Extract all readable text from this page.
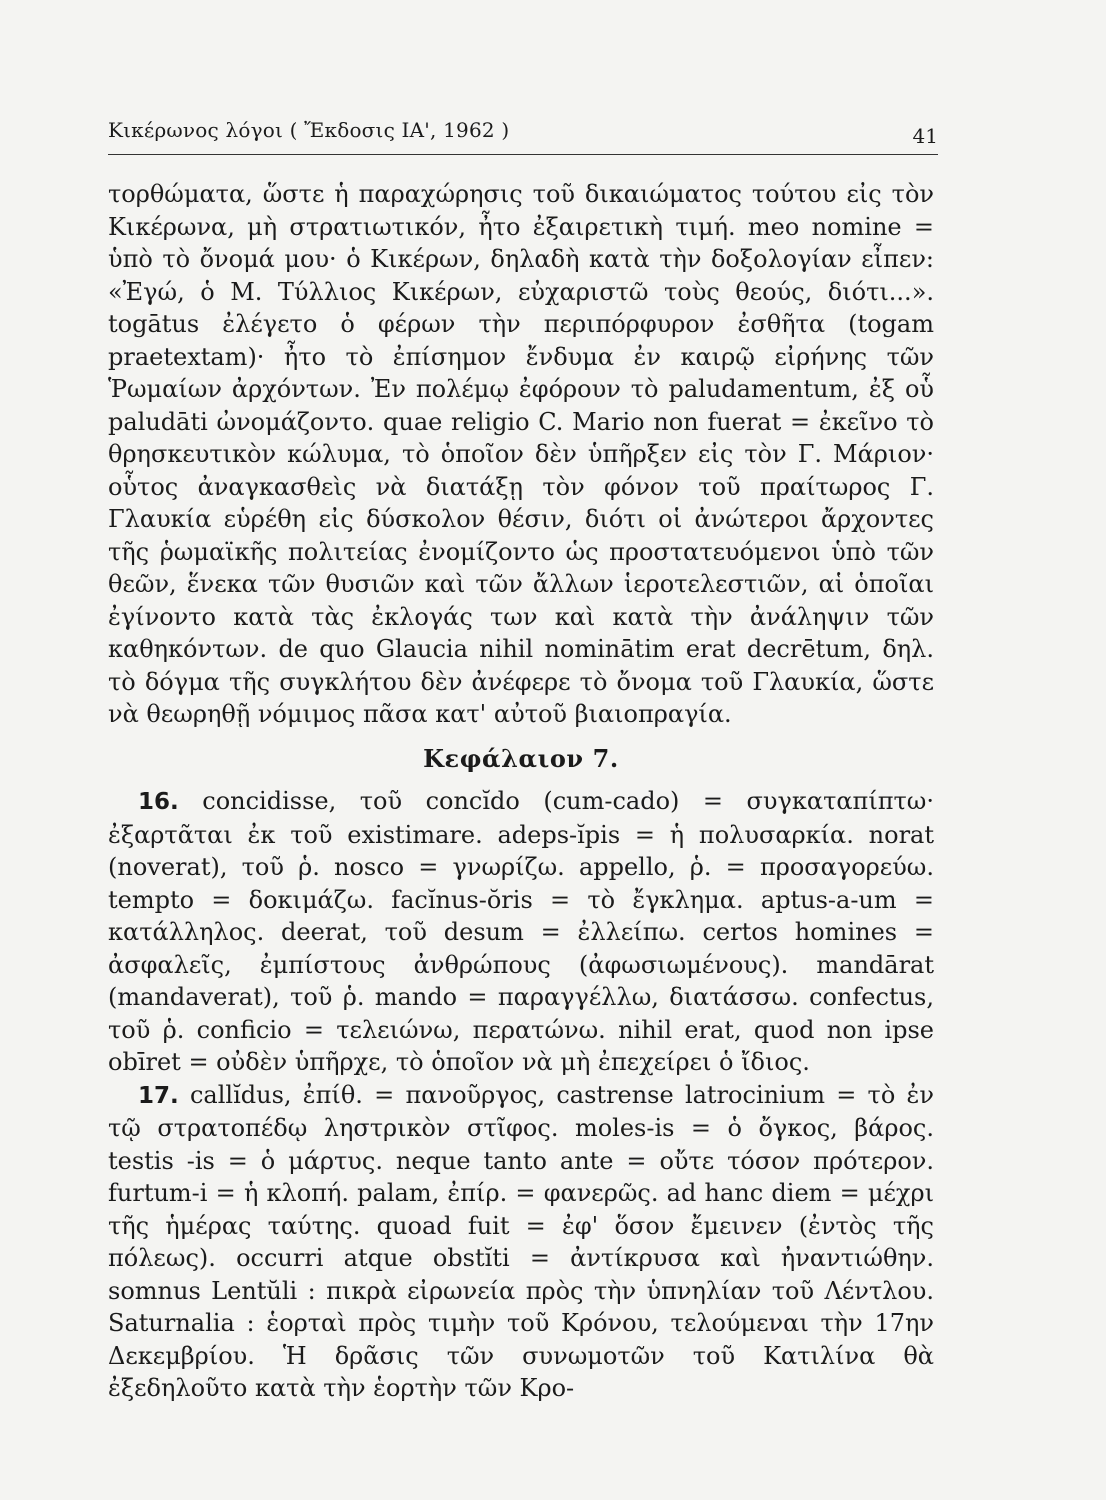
Κικέρωνος λόγοι ( Ἔκδοσις ΙΑ', 1962 )	41

τορθώματα, ὥστε ἡ παραχώρησις τοῦ δικαιώματος τούτου εἰς τὸν Κικέρωνα, μὴ στρατιωτικόν, ἦτο ἐξαιρετικὴ τιμή. meo nomine = ὑπὸ τὸ ὄνομά μου· ὁ Κικέρων, δηλαδὴ κατὰ τὴν δοξολογίαν εἶπεν: «Ἐγώ, ὁ Μ. Τύλλιος Κικέρων, εὐχαριστῶ τοὺς θεούς, διότι...». togātus ἐλέγετο ὁ φέρων τὴν περιπόρφυρον ἐσθῆτα (togam praetextam)· ἦτο τὸ ἐπίσημον ἔνδυμα ἐν καιρῷ εἰρήνης τῶν Ῥωμαίων ἀρχόντων. Ἐν πολέμῳ ἐφόρουν τὸ paludamentum, ἐξ οὗ paludāti ὠνομάζοντο. quae religio C. Mario non fuerat = ἐκεῖνο τὸ θρησκευτικὸν κώλυμα, τὸ ὁποῖον δὲν ὑπῆρξεν εἰς τὸν Γ. Μάριον· οὗτος ἀναγκασθεὶς νὰ διατάξῃ τὸν φόνον τοῦ πραίτωρος Γ. Γλαυκία εὑρέθη εἰς δύσκολον θέσιν, διότι οἱ ἀνώτεροι ἄρχοντες τῆς ῥωμαϊκῆς πολιτείας ἐνομίζοντο ὡς προστατευόμενοι ὑπὸ τῶν θεῶν, ἕνεκα τῶν θυσιῶν καὶ τῶν ἄλλων ἱεροτελεστιῶν, αἱ ὁποῖαι ἐγίνοντο κατὰ τὰς ἐκλογάς των καὶ κατὰ τὴν ἀνάληψιν τῶν καθηκόντων. de quo Glaucia nihil nominātim erat decrētum, δηλ. τὸ δόγμα τῆς συγκλήτου δὲν ἀνέφερε τὸ ὄνομα τοῦ Γλαυκία, ὥστε νὰ θεωρηθῇ νόμιμος πᾶσα κατ' αὐτοῦ βιαιοπραγία.

Κεφάλαιον 7.

16. concidisse, τοῦ concĭdo (cum-cado) = συγκαταπίπτω· ἐξαρτᾶται ἐκ τοῦ existimare. adeps-ĭpis = ἡ πολυσαρκία. norat (noverat), τοῦ ῥ. nosco = γνωρίζω. appello, ῥ. = προσαγορεύω. tempto = δοκιμάζω. facĭnus-ŏris = τὸ ἔγκλημα. aptus-a-um = κατάλληλος. deerat, τοῦ desum = ἐλλείπω. certos homines = ἀσφαλεῖς, ἐμπίστους ἀνθρώπους (ἀφωσιωμένους). mandārat (mandaverat), τοῦ ῥ. mando = παραγγέλλω, διατάσσω. confectus, τοῦ ῥ. conficio = τελειώνω, περατώνω. nihil erat, quod non ipse obīret = οὐδὲν ὑπῆρχε, τὸ ὁποῖον νὰ μὴ ἐπεχείρει ὁ ἴδιος.

17. callĭdus, ἐπίθ. = πανοῦργος, castrense latrocinium = τὸ ἐν τῷ στρατοπέδῳ ληστρικὸν στῖφος. moles-is = ὁ ὄγκος, βάρος. testis -is = ὁ μάρτυς. neque tanto ante = οὔτε τόσον πρότερον. furtum-i = ἡ κλοπή. palam, ἐπίρ. = φανερῶς. ad hanc diem = μέχρι τῆς ἡμέρας ταύτης. quoad fuit = ἐφ' ὅσον ἔμεινεν (ἐντὸς τῆς πόλεως). occurri atque obstĭti = ἀντίκρυσα καὶ ἠναντιώθην. somnus Lentŭli : πικρὰ εἰρωνεία πρὸς τὴν ὑπνηλίαν τοῦ Λέντλου. Saturnalia : ἑορταὶ πρὸς τιμὴν τοῦ Κρόνου, τελούμεναι τὴν 17ην Δεκεμβρίου. Ἡ δρᾶσις τῶν συνωμοτῶν τοῦ Κατιλίνα θὰ ἐξεδηλοῦτο κατὰ τὴν ἑορτὴν τῶν Κρο-
